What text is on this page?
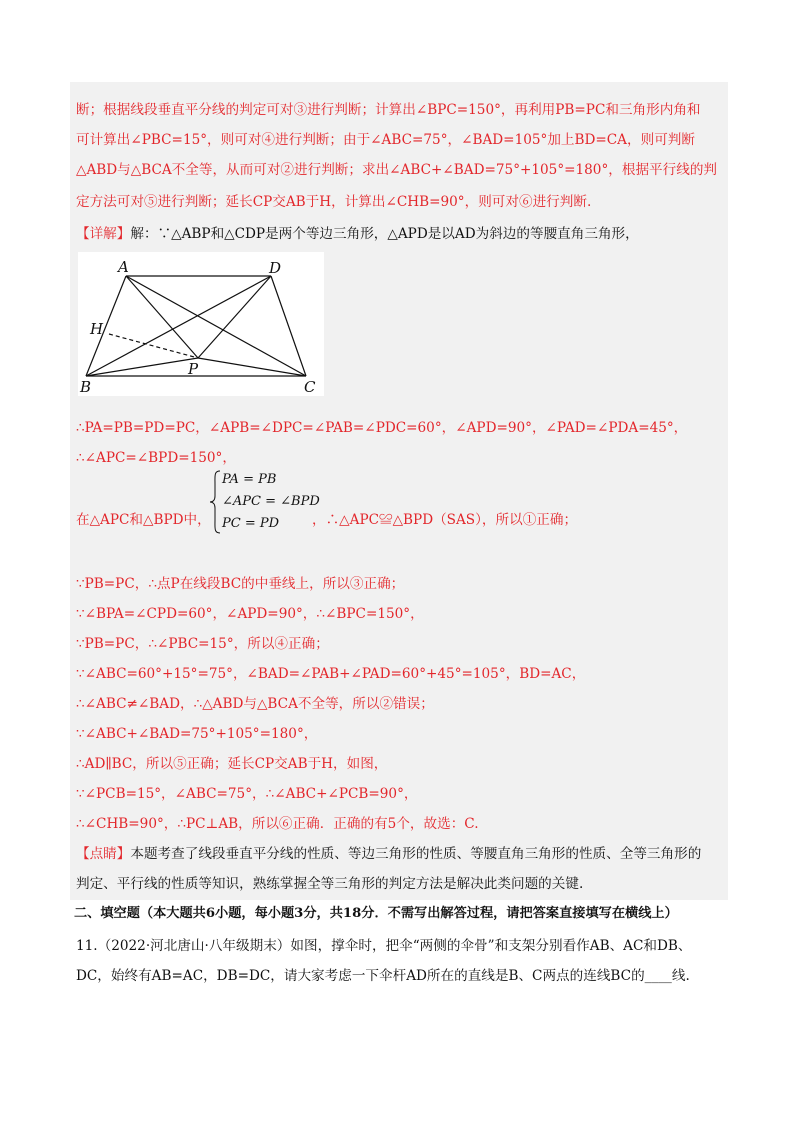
断；根据线段垂直平分线的判定可对③进行判断；计算出∠BPC=150°，再利用PB=PC和三角形内角和
可计算出∠PBC=15°，则可对④进行判断；由于∠ABC=75°，∠BAD=105°加上BD=CA，则可判断
△ABD与△BCA不全等，从而可对②进行判断；求出∠ABC+∠BAD=75°+105°=180°，根据平行线的判
定方法可对⑤进行判断；延长CP交AB于H，计算出∠CHB=90°，则可对⑥进行判断.
【详解】解：∵△ABP和△CDP是两个等边三角形，△APD是以AD为斜边的等腰直角三角形，
A	D
H
P
B	C
∴PA=PB=PD=PC，∠APB=∠DPC=∠PAB=∠PDC=60°，∠APD=90°，∠PAD=∠PDA=45°，
∴∠APC=∠BPD=150°，
在△APC和△BPD中，
PA = PB
∠APC = ∠BPD
PC = PD ，∴△APC≌△BPD（SAS），所以①正确；
∵PB=PC，∴点P在线段BC的中垂线上，所以③正确；
∵∠BPA=∠CPD=60°，∠APD=90°，∴∠BPC=150°，
∵PB=PC，∴∠PBC=15°，所以④正确；
∵∠ABC=60°+15°=75°，∠BAD=∠PAB+∠PAD=60°+45°=105°，BD=AC，
∴∠ABC≠∠BAD，∴△ABD与△BCA不全等，所以②错误；
∵∠ABC+∠BAD=75°+105°=180°，
∴AD∥BC，所以⑤正确；延长CP交AB于H，如图，
∵∠PCB=15°，∠ABC=75°，∴∠ABC+∠PCB=90°，
∴∠CHB=90°，∴PC⊥AB，所以⑥正确．正确的有5个，故选：C.
【点睛】本题考查了线段垂直平分线的性质、等边三角形的性质、等腰直角三角形的性质、全等三角形的
判定、平行线的性质等知识，熟练掌握全等三角形的判定方法是解决此类问题的关键.
二、填空题（本大题共6小题，每小题3分，共18分．不需写出解答过程，请把答案直接填写在横线上）
11.（2022·河北唐山·八年级期末）如图，撑伞时，把伞“两侧的伞骨”和支架分别看作AB、AC和DB、
DC，始终有AB=AC，DB=DC，请大家考虑一下伞杆AD所在的直线是B、C两点的连线BC的____线.
